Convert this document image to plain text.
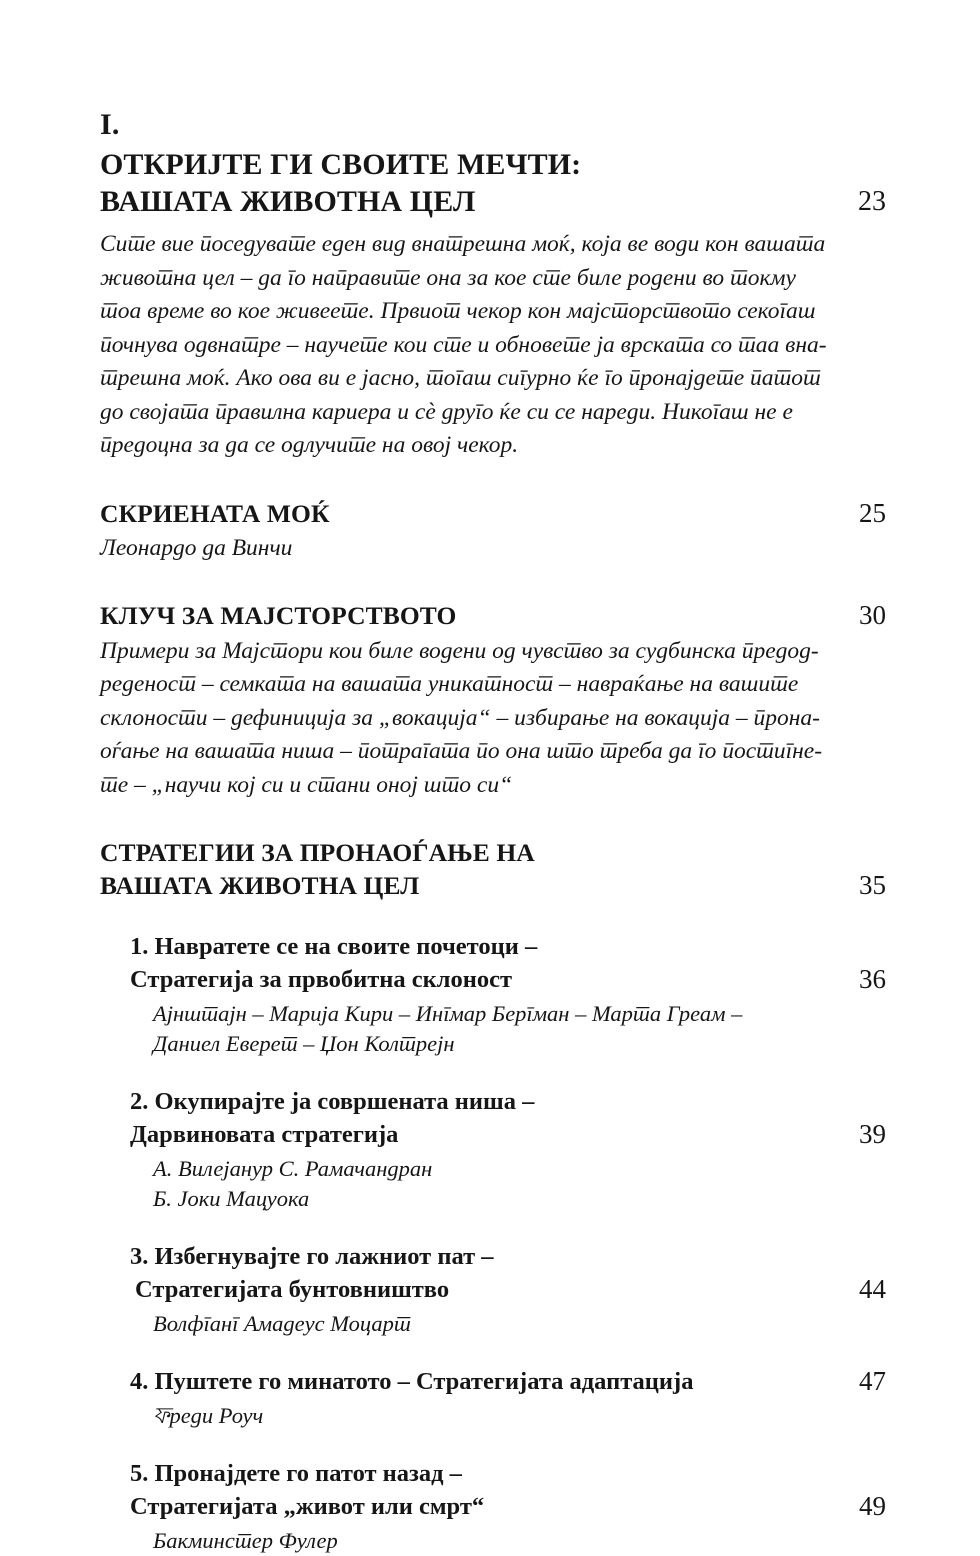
I.
ОТКРИЈТЕ ГИ СВОИТЕ МЕЧТИ:
ВАШАТА ЖИВОТНА ЦЕЛ	23

Сите вие поседувате еден вид внатрешна моќ, која ве води кон вашата
животна цел – да го направите она за кое сте биле родени во токму
тоа време во кое живеете. Првиот чекор кон мајсторството секогаш
почнува одвнатре – научете кои сте и обновете ја врската со таа вна-
трешна моќ. Ако ова ви е јасно, тогаш сигурно ќе го пронајдете патот
до својата правилна кариера и сѐ друго ќе си се нареди. Никогаш не е
предоцна за да се одлучите на овој чекор.

СКРИЕНАТА МОЌ	25

Леонардо да Винчи

КЛУЧ ЗА МАЈСТОРСТВОТО	30

Примери за Мајстори кои биле водени од чувство за судбинска предод-
реденост – семката на вашата уникатност – навраќање на вашите
склоности – дефиниција за „вокација“ – избирање на вокација – прона-
оѓање на вашата ниша – потрагата по она што треба да го постигне-
те – „научи кој си и стани оној што си“

СТРАТЕГИИ ЗА ПРОНАОЃАЊЕ НА
ВАШАТА ЖИВОТНА ЦЕЛ	35
1. Навратете се на своите почетоци –
Стратегија за првобитна склоност	36

Ајнштајн – Марија Кири – Ингмар Бергман – Марта Греам –
Даниел Еверет – Џон Колтрејн

2. Окупирајте ја совршената ниша –
Дарвиновата стратегија	39

А. Вилејанур С. Рамачандран
Б. Јоки Мацуока

3. Избегнувајте го лажниот пат –
Стратегијата бунтовништво	44

Волфганг Амадеус Моцарт

4. Пуштете го минатото – Стратегијата адаптација	47

ফреди Роуч

5. Пронајдете го патот назад –
Стратегијата „живот или смрт“	49

Бакминстер Фулер
